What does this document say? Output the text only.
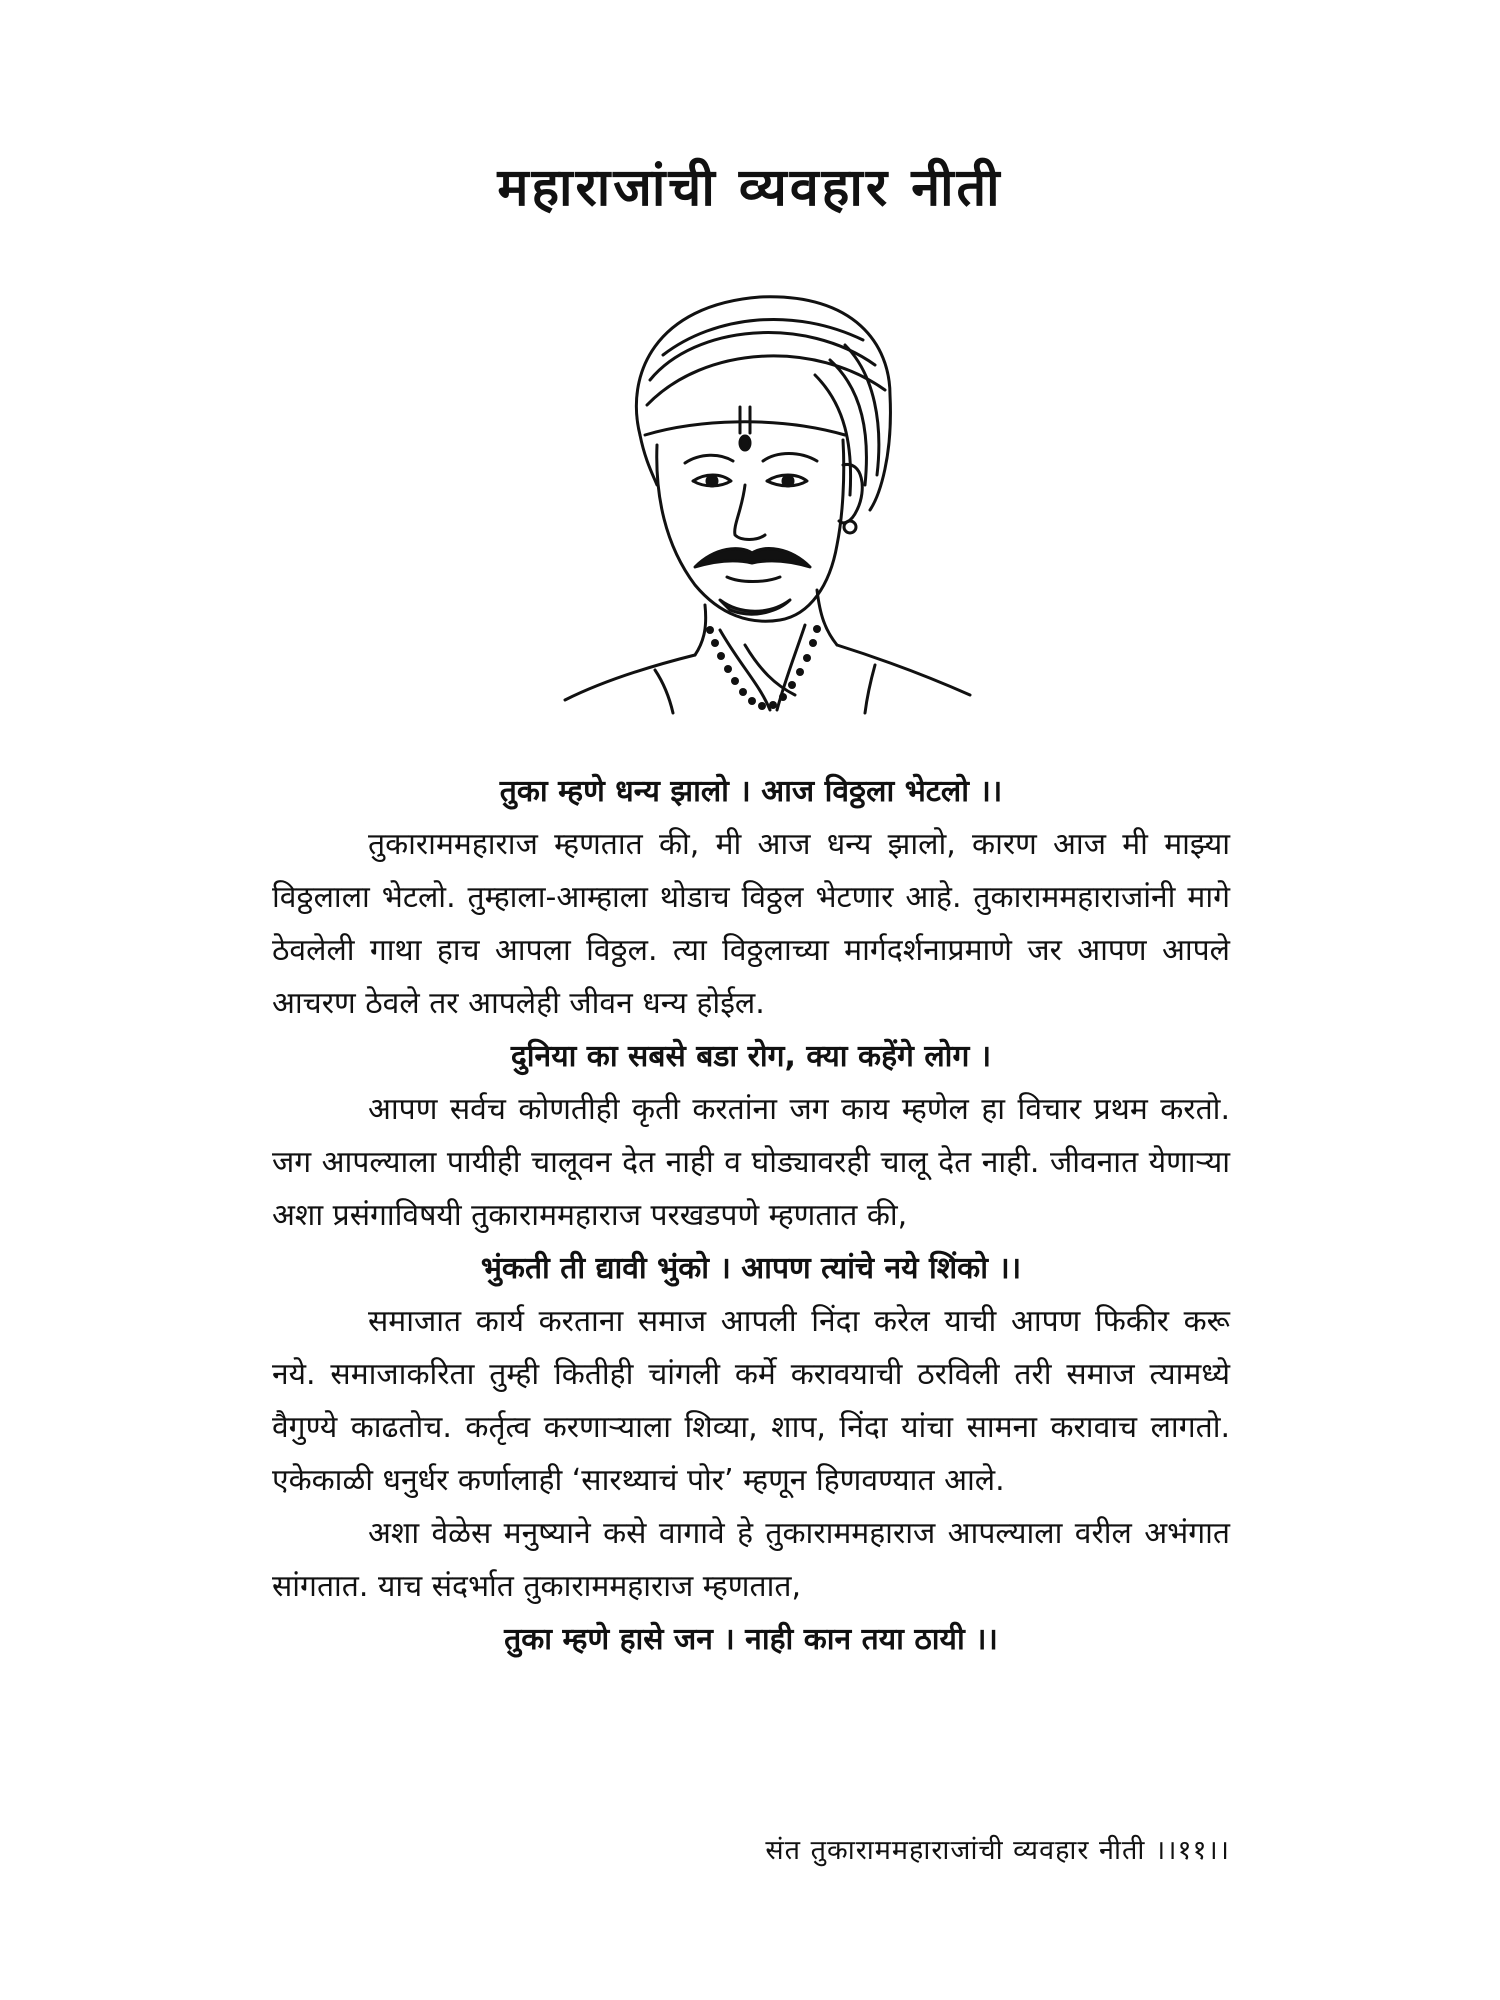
महाराजांची व्यवहार नीती

तुका म्हणे धन्य झालो । आज विठ्ठला भेटलो ।।

तुकाराममहाराज म्हणतात की, मी आज धन्य झालो, कारण आज मी माझ्या विठ्ठलाला भेटलो. तुम्हाला-आम्हाला थोडाच विठ्ठल भेटणार आहे. तुकाराममहाराजांनी मागे ठेवलेली गाथा हाच आपला विठ्ठल. त्या विठ्ठलाच्या मार्गदर्शनाप्रमाणे जर आपण आपले आचरण ठेवले तर आपलेही जीवन धन्य होईल.

दुनिया का सबसे बडा रोग, क्या कहेंगे लोग ।

आपण सर्वच कोणतीही कृती करतांना जग काय म्हणेल हा विचार प्रथम करतो. जग आपल्याला पायीही चालूवन देत नाही व घोड्यावरही चालू देत नाही. जीवनात येणाऱ्या अशा प्रसंगाविषयी तुकाराममहाराज परखडपणे म्हणतात की,

भुंकती ती द्यावी भुंको । आपण त्यांचे नये शिंको ।।

समाजात कार्य करताना समाज आपली निंदा करेल याची आपण फिकीर करू नये. समाजाकरिता तुम्ही कितीही चांगली कर्मे करावयाची ठरविली तरी समाज त्यामध्ये वैगुण्ये काढतोच. कर्तृत्व करणाऱ्याला शिव्या, शाप, निंदा यांचा सामना करावाच लागतो. एकेकाळी धनुर्धर कर्णालाही ‘सारथ्याचं पोर’ म्हणून हिणवण्यात आले.

अशा वेळेस मनुष्याने कसे वागावे हे तुकाराममहाराज आपल्याला वरील अभंगात सांगतात. याच संदर्भात तुकाराममहाराज म्हणतात,

तुका म्हणे हासे जन । नाही कान तया ठायी ।।

संत तुकाराममहाराजांची व्यवहार नीती ।।११।।
